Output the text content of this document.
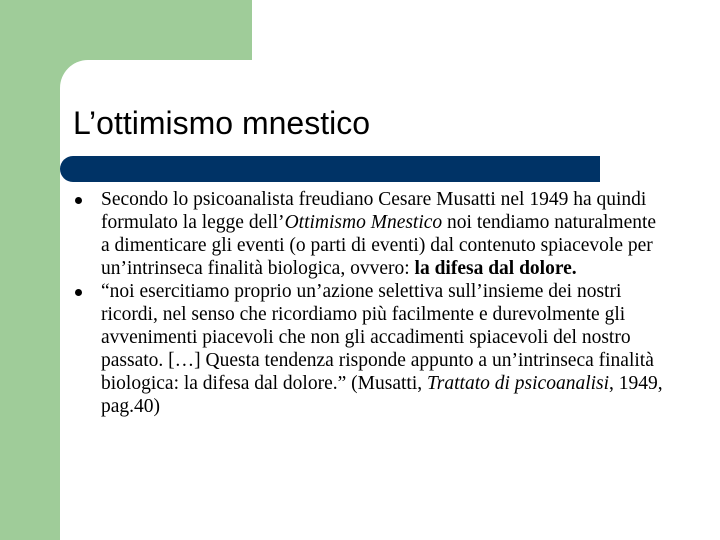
L’ottimismo mnestico
Secondo lo psicoanalista freudiano Cesare Musatti nel 1949 ha quindi formulato la legge dell’Ottimismo Mnestico noi tendiamo naturalmente a dimenticare gli eventi (o parti di eventi) dal contenuto spiacevole per un’intrinseca finalità biologica, ovvero: la difesa dal dolore.
“noi esercitiamo proprio un’azione selettiva sull’insieme dei nostri ricordi, nel senso che ricordiamo più facilmente e durevolmente gli avvenimenti piacevoli che non gli accadimenti spiacevoli del nostro passato. […] Questa tendenza risponde appunto a un’intrinseca finalità biologica: la difesa dal dolore.” (Musatti, Trattato di psicoanalisi, 1949, pag.40)
